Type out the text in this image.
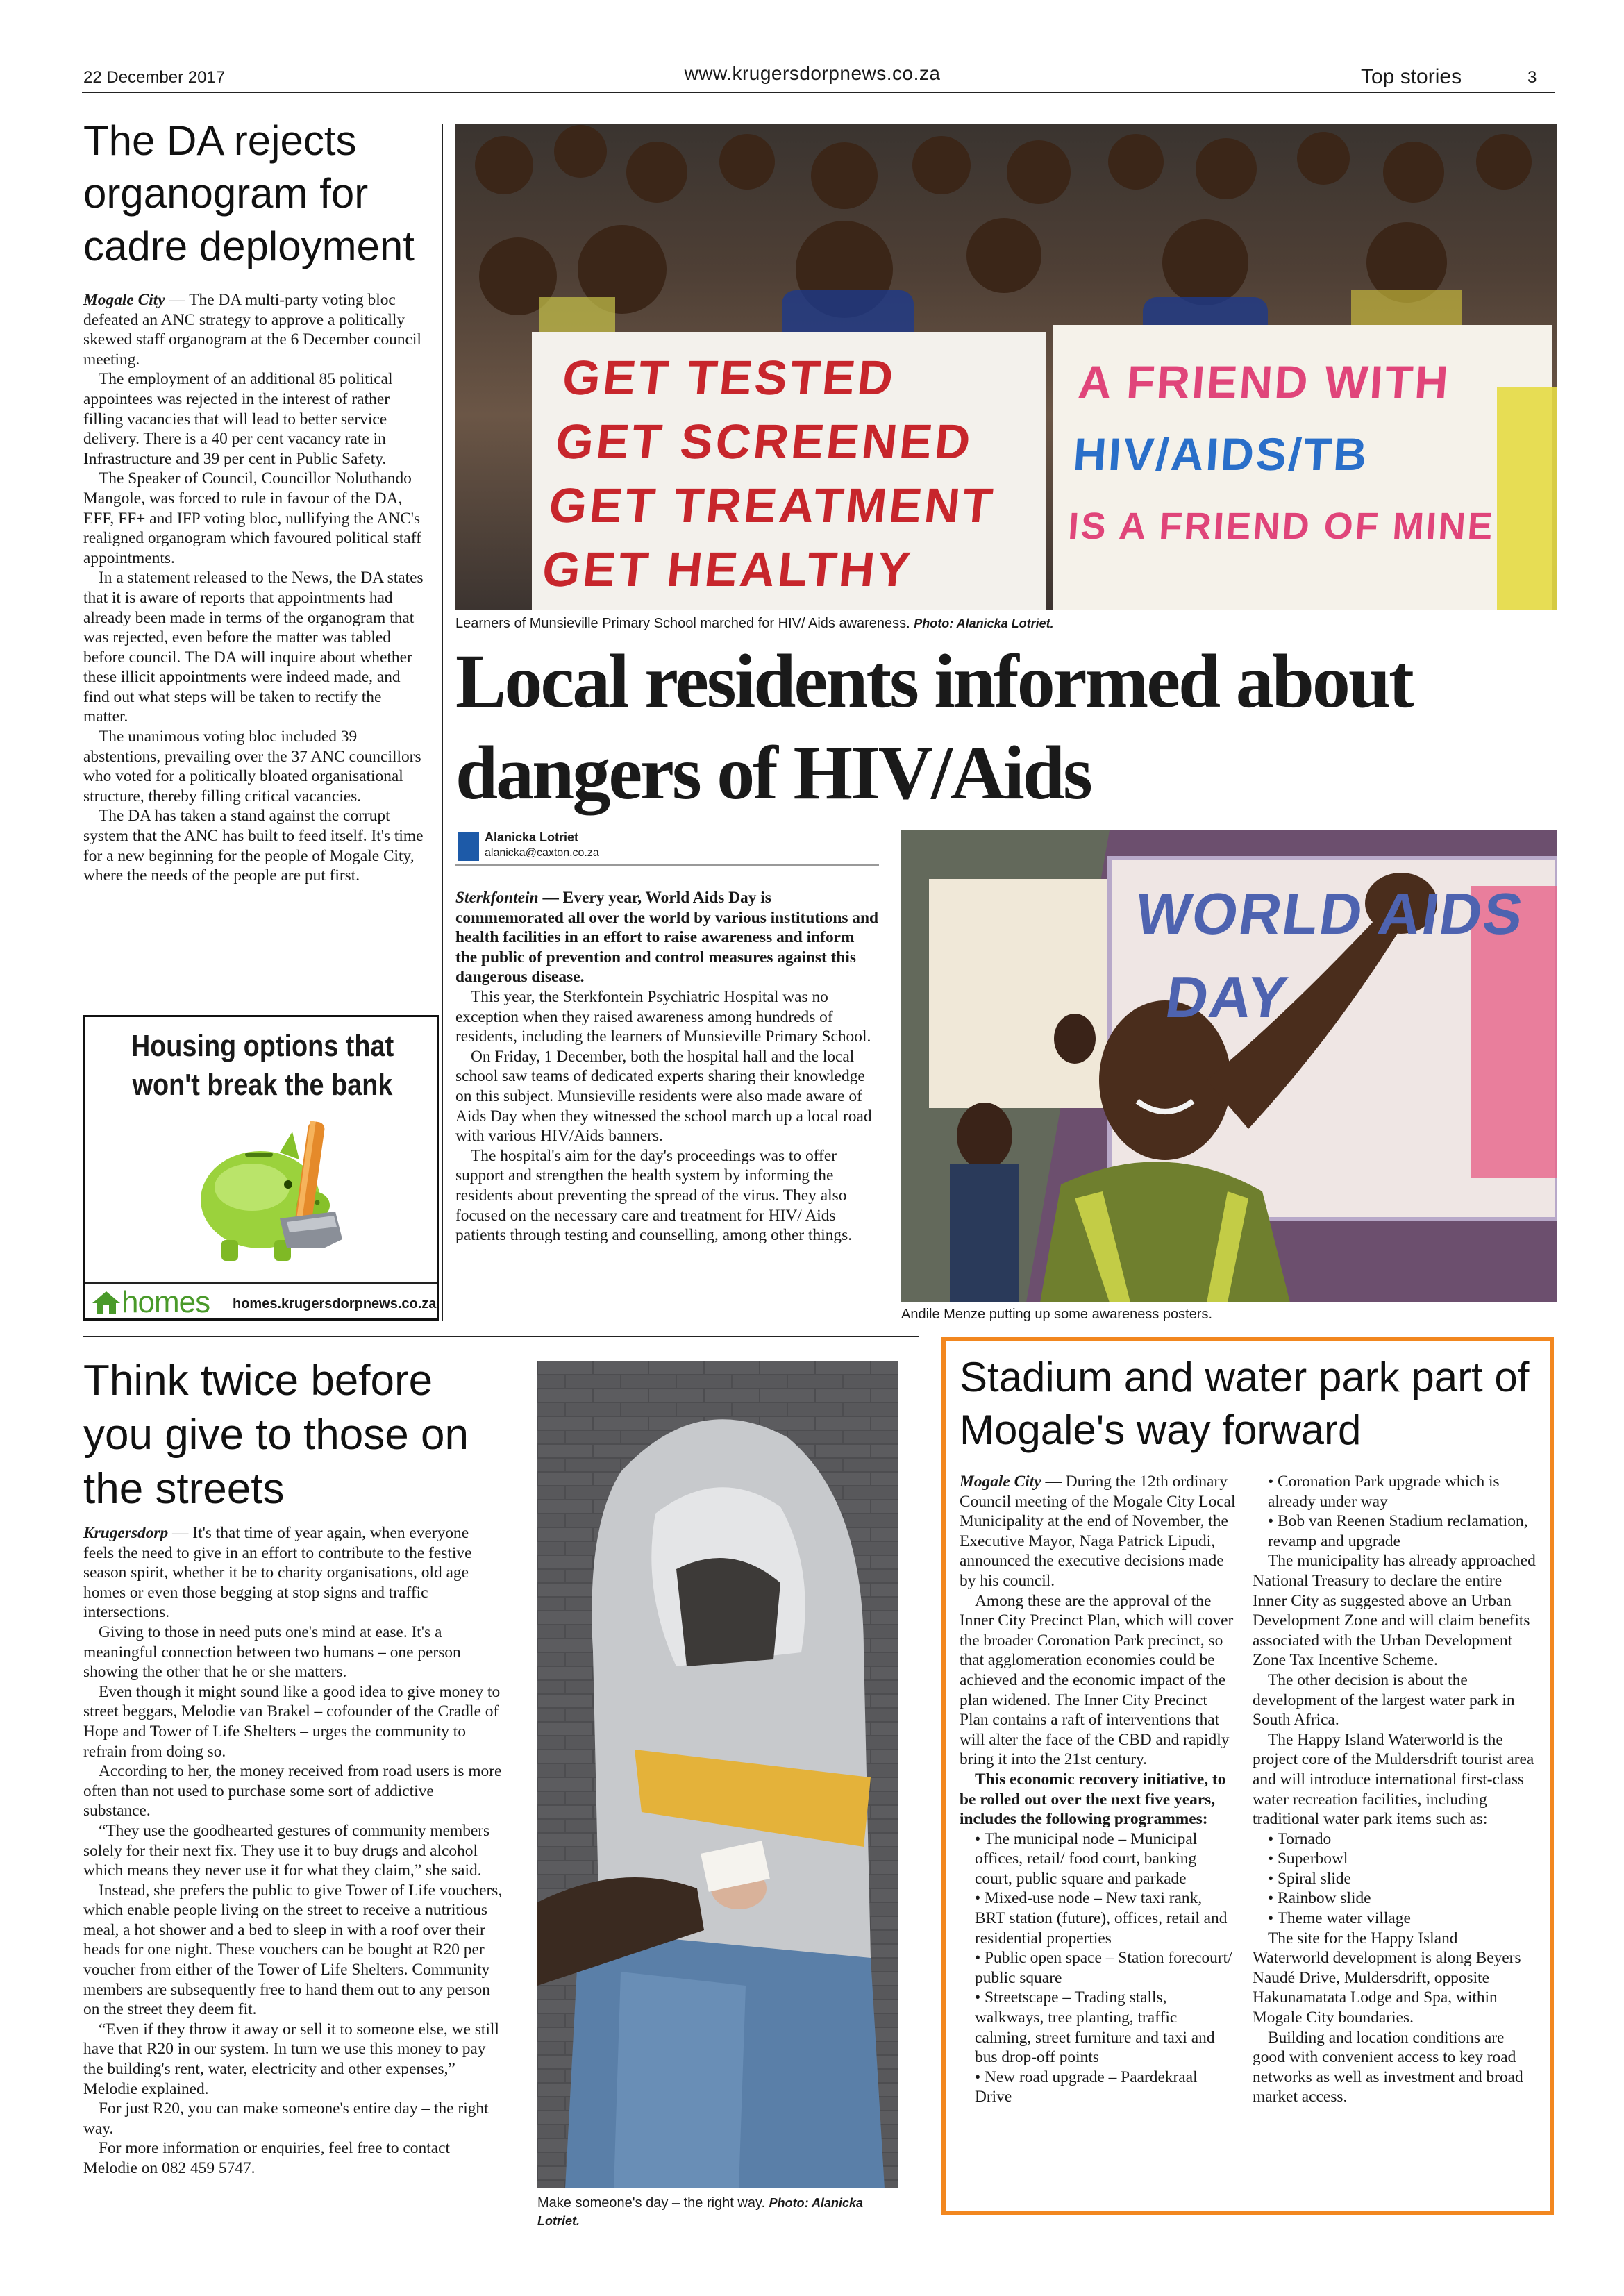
22 December 2017	www.krugersdorpnews.co.za	Top stories	3
The DA rejects organogram for cadre deployment

Mogale City — The DA multi-party voting bloc defeated an ANC strategy to approve a politically skewed staff organogram at the 6 December council meeting.

The employment of an additional 85 political appointees was rejected in the interest of rather filling vacancies that will lead to better service delivery. There is a 40 per cent vacancy rate in Infrastructure and 39 per cent in Public Safety.

The Speaker of Council, Councillor Noluthando Mangole, was forced to rule in favour of the DA, EFF, FF+ and IFP voting bloc, nullifying the ANC's realigned organogram which favoured political staff appointments.

In a statement released to the News, the DA states that it is aware of reports that appointments had already been made in terms of the organogram that was rejected, even before the matter was tabled before council. The DA will inquire about whether these illicit appointments were indeed made, and find out what steps will be taken to rectify the matter.

The unanimous voting bloc included 39 abstentions, prevailing over the 37 ANC councillors who voted for a politically bloated organisational structure, thereby filling critical vacancies.

The DA has taken a stand against the corrupt system that the ANC has built to feed itself. It's time for a new beginning for the people of Mogale City, where the needs of the people are put first.

Housing options that won't break the bank
homes homes.krugersdorpnews.co.za
GET TESTED
GET SCREENED
GET TREATMENT
GET HEALTHY
A FRIEND WITH
HIV/AIDS/TB
IS A FRIEND OF MINE
Learners of Munsieville Primary School marched for HIV/ Aids awareness. Photo: Alanicka Lotriet.
Local residents informed about dangers of HIV/Aids
Alanicka Lotriet
alanicka@caxton.co.za

Sterkfontein — Every year, World Aids Day is commemorated all over the world by various institutions and health facilities in an effort to raise awareness and inform the public of prevention and control measures against this dangerous disease.

This year, the Sterkfontein Psychiatric Hospital was no exception when they raised awareness among hundreds of residents, including the learners of Munsieville Primary School.

On Friday, 1 December, both the hospital hall and the local school saw teams of dedicated experts sharing their knowledge on this subject. Munsieville residents were also made aware of Aids Day when they witnessed the school march up a local road with various HIV/Aids banners.

The hospital's aim for the day's proceedings was to offer support and strengthen the health system by informing the residents about preventing the spread of the virus. They also focused on the necessary care and treatment for HIV/ Aids patients through testing and counselling, among other things.

WORLD AIDS
DAY
Andile Menze putting up some awareness posters.
Think twice before you give to those on the streets

Krugersdorp — It's that time of year again, when everyone feels the need to give in an effort to contribute to the festive season spirit, whether it be to charity organisations, old age homes or even those begging at stop signs and traffic intersections.

Giving to those in need puts one's mind at ease. It's a meaningful connection between two humans – one person showing the other that he or she matters.

Even though it might sound like a good idea to give money to street beggars, Melodie van Brakel – cofounder of the Cradle of Hope and Tower of Life Shelters – urges the community to refrain from doing so.

According to her, the money received from road users is more often than not used to purchase some sort of addictive substance.

“They use the goodhearted gestures of community members solely for their next fix. They use it to buy drugs and alcohol which means they never use it for what they claim,” she said.

Instead, she prefers the public to give Tower of Life vouchers, which enable people living on the street to receive a nutritious meal, a hot shower and a bed to sleep in with a roof over their heads for one night. These vouchers can be bought at R20 per voucher from either of the Tower of Life Shelters. Community members are subsequently free to hand them out to any person on the street they deem fit.

“Even if they throw it away or sell it to someone else, we still have that R20 in our system. In turn we use this money to pay the building's rent, water, electricity and other expenses,” Melodie explained.

For just R20, you can make someone's entire day – the right way.

For more information or enquiries, feel free to contact Melodie on 082 459 5747.

Make someone's day – the right way. Photo: Alanicka Lotriet.
Stadium and water park part of Mogale's way forward

Mogale City — During the 12th ordinary Council meeting of the Mogale City Local Municipality at the end of November, the Executive Mayor, Naga Patrick Lipudi, announced the executive decisions made by his council.

Among these are the approval of the Inner City Precinct Plan, which will cover the broader Coronation Park precinct, so that agglomeration economies could be achieved and the economic impact of the plan widened. The Inner City Precinct Plan contains a raft of interventions that will alter the face of the CBD and rapidly bring it into the 21st century.

This economic recovery initiative, to be rolled out over the next five years, includes the following programmes:

• The municipal node – Municipal offices, retail/ food court, banking court, public square and parkade

• Mixed-use node – New taxi rank, BRT station (future), offices, retail and residential properties

• Public open space – Station forecourt/ public square

• Streetscape – Trading stalls, walkways, tree planting, traffic calming, street furniture and taxi and bus drop-off points

• New road upgrade – Paardekraal Drive

• Coronation Park upgrade which is already under way

• Bob van Reenen Stadium reclamation, revamp and upgrade

The municipality has already approached National Treasury to declare the entire Inner City as suggested above an Urban Development Zone and will claim benefits associated with the Urban Development Zone Tax Incentive Scheme.

The other decision is about the development of the largest water park in South Africa.

The Happy Island Waterworld is the project core of the Muldersdrift tourist area and will introduce international first-class water recreation facilities, including traditional water park items such as:

• Tornado

• Superbowl

• Spiral slide

• Rainbow slide

• Theme water village

The site for the Happy Island Waterworld development is along Beyers Naudé Drive, Muldersdrift, opposite Hakunamatata Lodge and Spa, within Mogale City boundaries.

Building and location conditions are good with convenient access to key road networks as well as investment and broad market access.
